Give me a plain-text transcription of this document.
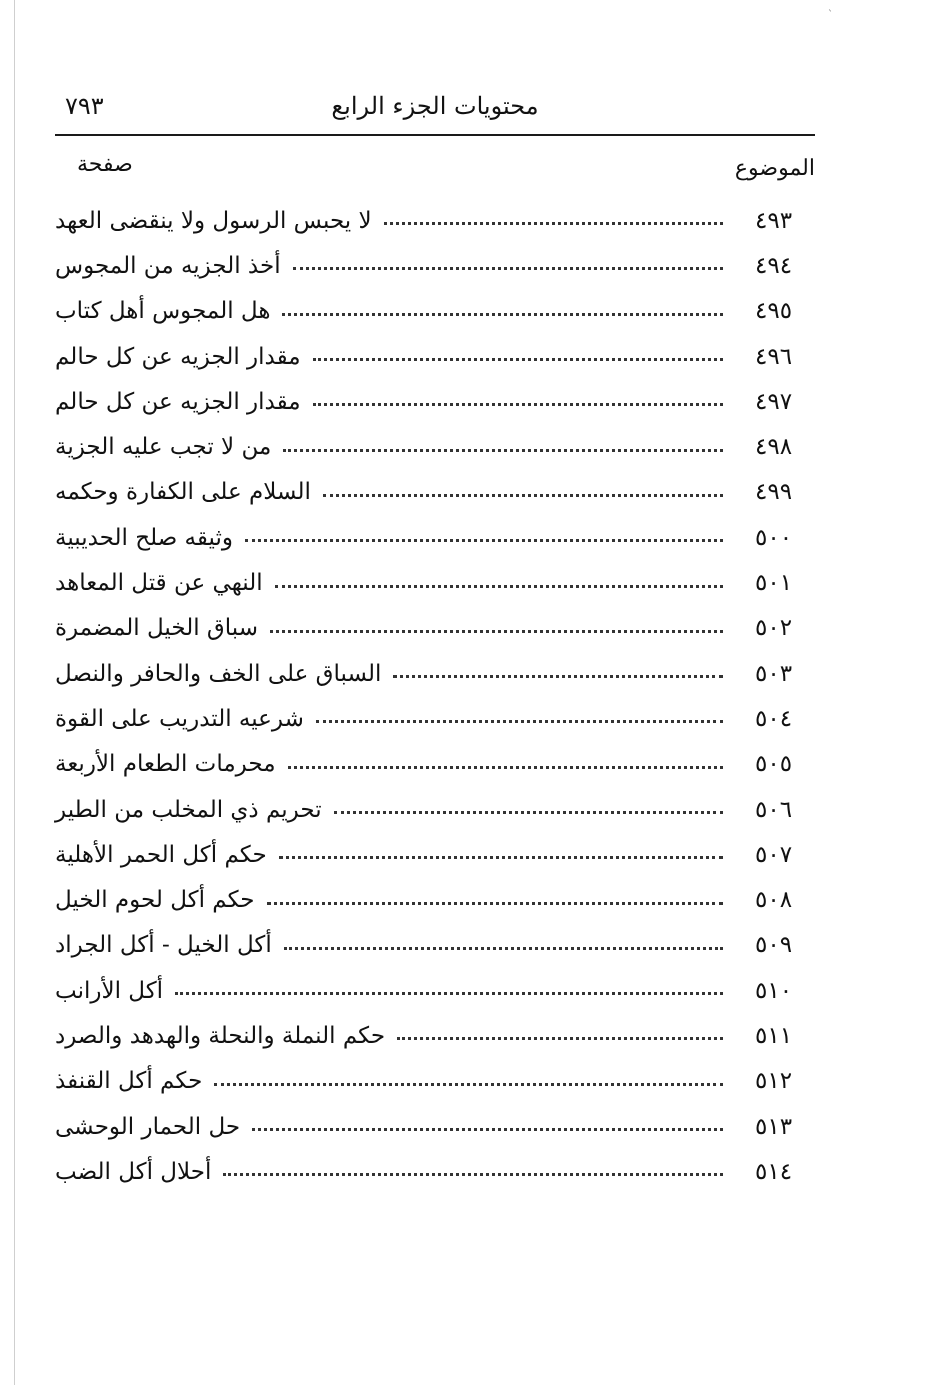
`
٧٩٣	محتويات الجزء الرابع
الموضوع
صفحة
لا يحبس الرسول ولا ينقضى العهد	٤٩٣
أخذ الجزيه من المجوس	٤٩٤
هل المجوس أهل كتاب	٤٩٥
مقدار الجزيه عن كل حالم	٤٩٦
مقدار الجزيه عن كل حالم	٤٩٧
من لا تجب عليه الجزية	٤٩٨
السلام على الكفارة وحكمه	٤٩٩
وثيقه صلح الحديبية	٥٠٠
النهي عن قتل المعاهد	٥٠١
سباق الخيل المضمرة	٥٠٢
السباق على الخف والحافر والنصل	٥٠٣
شرعيه التدريب على القوة	٥٠٤
محرمات الطعام الأربعة	٥٠٥
تحريم ذي المخلب من الطير	٥٠٦
حكم أكل الحمر الأهلية	٥٠٧
حكم أكل لحوم الخيل	٥٠٨
أكل الخيل - أكل الجراد	٥٠٩
أكل الأرانب	٥١٠
حكم النملة والنحلة والهدهد والصرد	٥١١
حكم أكل القنفذ	٥١٢
حل الحمار الوحشى	٥١٣
أحلال أكل الضب	٥١٤
